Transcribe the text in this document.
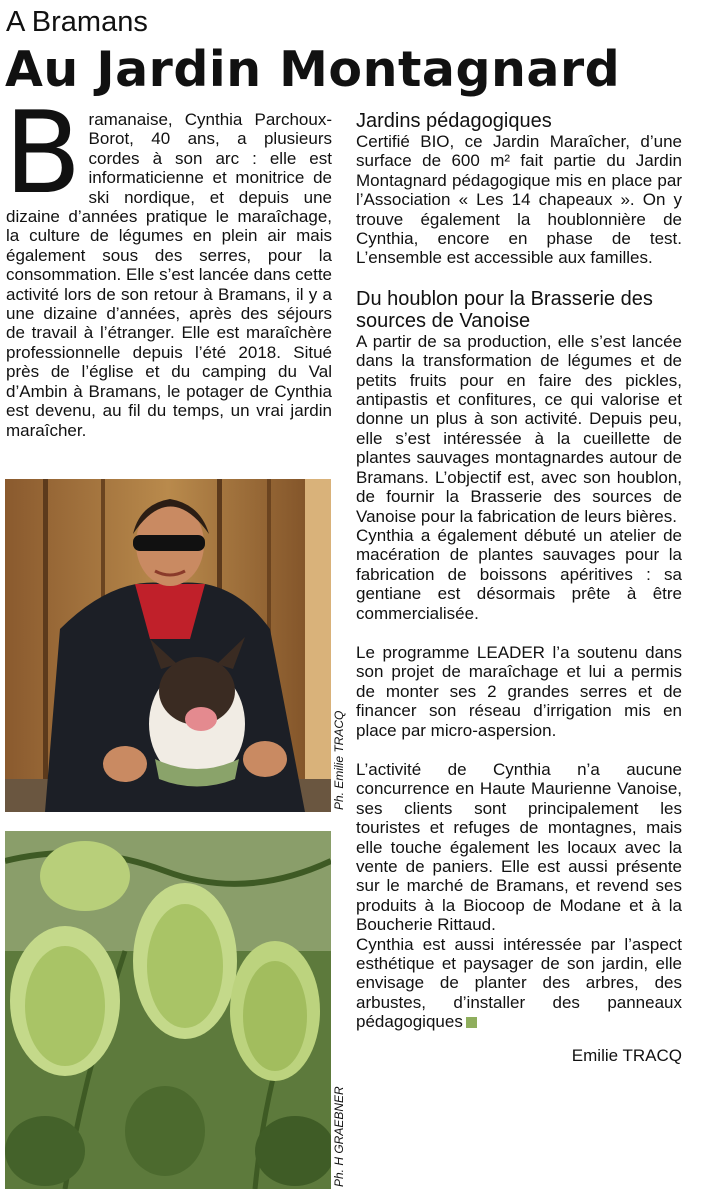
A Bramans
Au Jardin Montagnard

Bramanaise, Cynthia Parchoux-Borot, 40 ans, a plusieurs cordes à son arc : elle est informaticienne et monitrice de ski nordique, et depuis une dizaine d’années pratique le maraîchage, la culture de légumes en plein air mais également sous des serres, pour la consommation. Elle s’est lancée dans cette activité lors de son retour à Bramans, il y a une dizaine d’années, après des séjours de travail à l’étranger. Elle est maraîchère professionnelle depuis l’été 2018. Situé près de l’église et du camping du Val d’Ambin à Bramans, le potager de Cynthia est devenu, au fil du temps, un vrai jardin maraîcher.

Ph. Emilie TRACQ
Ph. H GRAEBNER

Jardins pédagogiques

Certifié BIO, ce Jardin Maraîcher, d’une surface de 600 m² fait partie du Jardin Montagnard pédagogique mis en place par l’Association « Les 14 chapeaux ». On y trouve également la houblonnière de Cynthia, encore en phase de test. L’ensemble est accessible aux familles.

Du houblon pour la Brasserie des sources de Vanoise

A partir de sa production, elle s’est lancée dans la transformation de légumes et de petits fruits pour en faire des pickles, antipastis et confitures, ce qui valorise et donne un plus à son activité. Depuis peu, elle s’est intéressée à la cueillette de plantes sauvages montagnardes autour de Bramans. L’objectif est, avec son houblon, de fournir la Brasserie des sources de Vanoise pour la fabrication de leurs bières.

Cynthia a également débuté un atelier de macération de plantes sauvages pour la fabrication de boissons apéritives : sa gentiane est désormais prête à être commercialisée.

Le programme LEADER l’a soutenu dans son projet de maraîchage et lui a permis de monter ses 2 grandes serres et de financer son réseau d’irrigation mis en place par micro-aspersion.

L’activité de Cynthia n’a aucune concurrence en Haute Maurienne Vanoise, ses clients sont principalement les touristes et refuges de montagnes, mais elle touche également les locaux avec la vente de paniers. Elle est aussi présente sur le marché de Bramans, et revend ses produits à la Biocoop de Modane et à la Boucherie Rittaud.

Cynthia est aussi intéressée par l’aspect esthétique et paysager de son jardin, elle envisage de planter des arbres, des arbustes, d’installer des panneaux pédagogiques

Emilie TRACQ
